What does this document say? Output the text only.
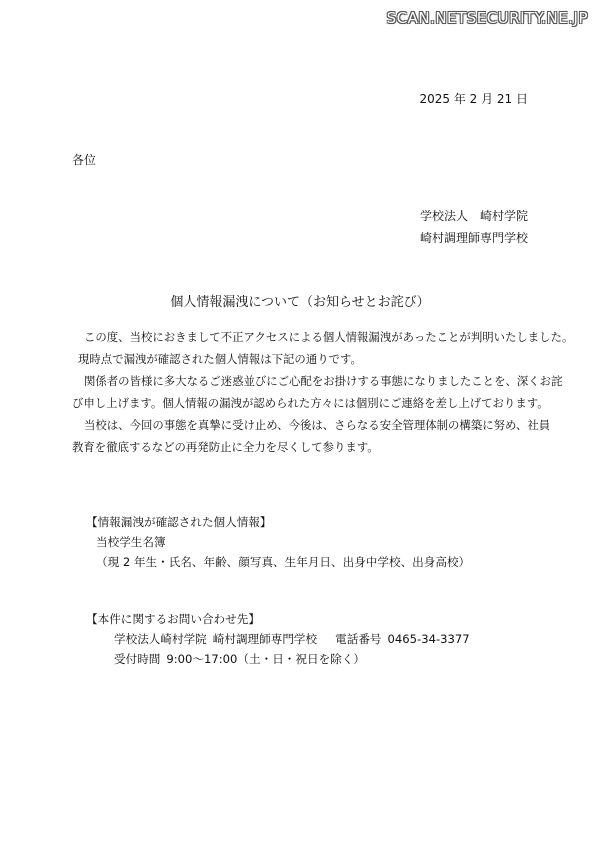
SCAN.NETSECURITY.NE.JP
2025 年 2 月 21 日
各位
学校法人　崎村学院
崎村調理師専門学校
個人情報漏洩について（お知らせとお詫び）

この度、当校におきまして不正アクセスによる個人情報漏洩があったことが判明いたしました。

現時点で漏洩が確認された個人情報は下記の通りです。

関係者の皆様に多大なるご迷惑並びにご心配をお掛けする事態になりましたことを、深くお詫

び申し上げます。個人情報の漏洩が認められた方々には個別にご連絡を差し上げております。

当校は、今回の事態を真摯に受け止め、今後は、さらなる安全管理体制の構築に努め、社員

教育を徹底するなどの再発防止に全力を尽くして参ります。

【情報漏洩が確認された個人情報】
当校学生名簿
（現 2 年生・氏名、年齢、顔写真、生年月日、出身中学校、出身高校）
【本件に関するお問い合わせ先】
学校法人崎村学院 崎村調理師専門学校 電話番号 0465-34-3377
受付時間 9:00～17:00（土・日・祝日を除く）
